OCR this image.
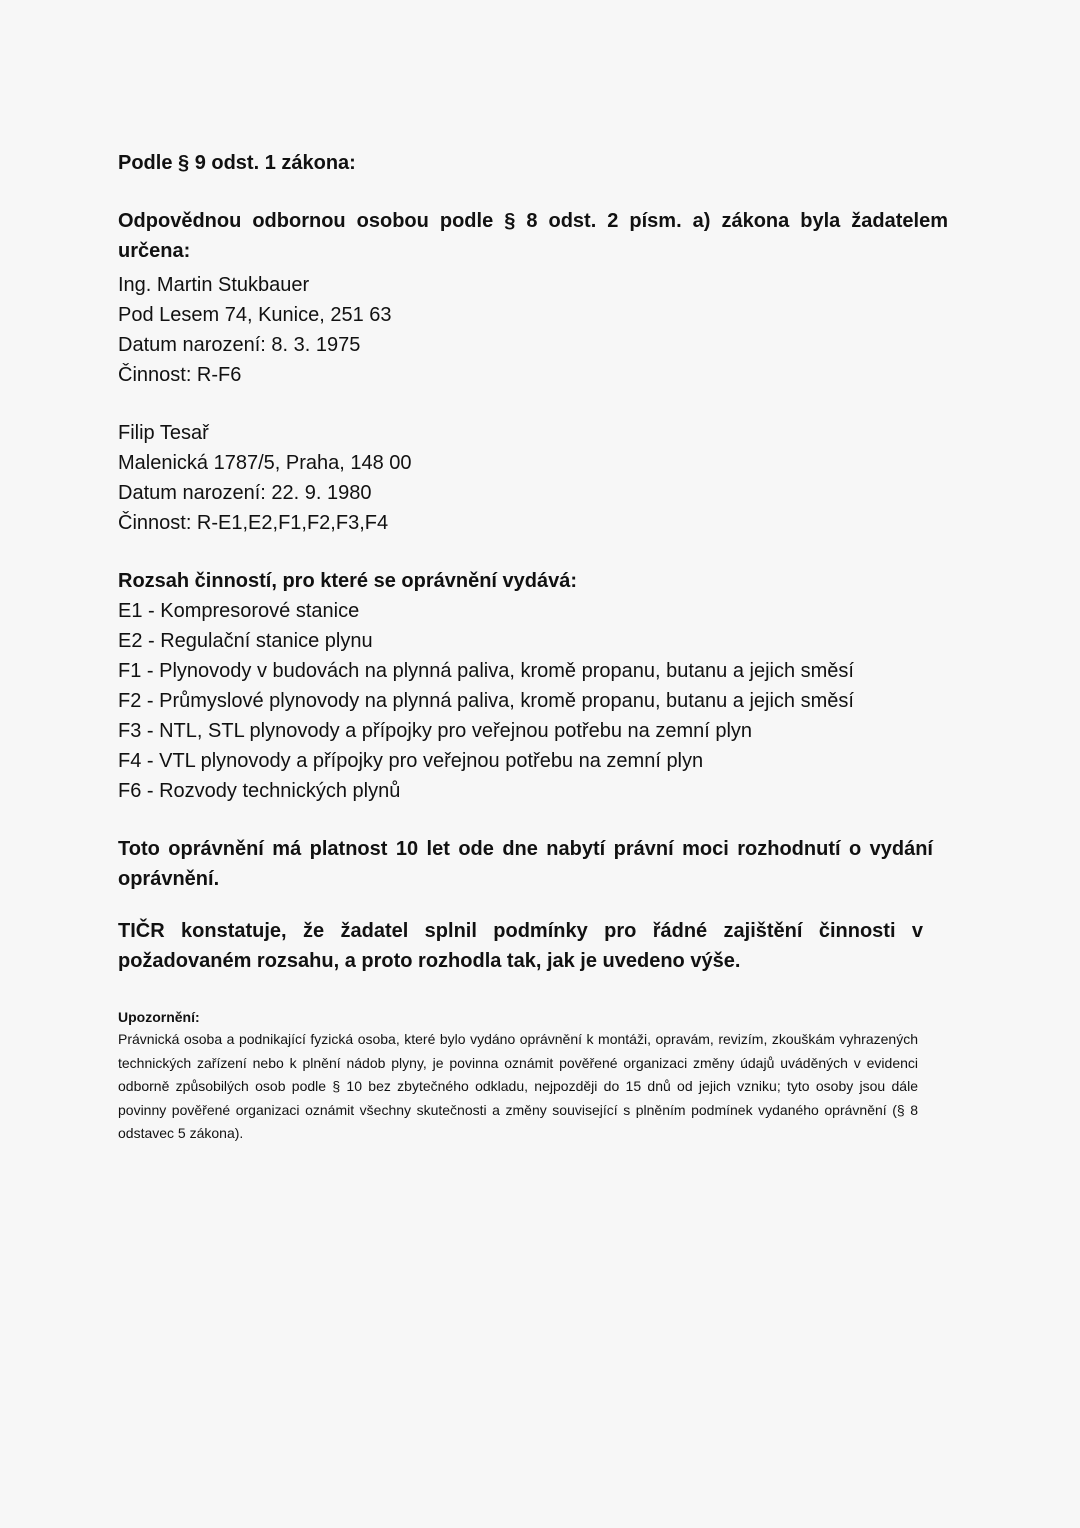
Podle § 9 odst. 1 zákona:

Odpovědnou odbornou osobou podle § 8 odst. 2 písm. a) zákona byla žadatelem určena:

Ing. Martin Stukbauer

Pod Lesem 74, Kunice, 251 63

Datum narození: 8. 3. 1975

Činnost: R-F6

Filip Tesař

Malenická 1787/5, Praha, 148 00

Datum narození: 22. 9. 1980

Činnost: R-E1,E2,F1,F2,F3,F4

Rozsah činností, pro které se oprávnění vydává:

E1 - Kompresorové stanice

E2 - Regulační stanice plynu

F1 - Plynovody v budovách na plynná paliva, kromě propanu, butanu a jejich směsí

F2 - Průmyslové plynovody na plynná paliva, kromě propanu, butanu a jejich směsí

F3 - NTL, STL plynovody a přípojky pro veřejnou potřebu na zemní plyn

F4 - VTL plynovody a přípojky pro veřejnou potřebu na zemní plyn

F6 - Rozvody technických plynů

Toto oprávnění má platnost 10 let ode dne nabytí právní moci rozhodnutí o vydání oprávnění.

TIČR konstatuje, že žadatel splnil podmínky pro řádné zajištění činnosti v požadovaném rozsahu, a proto rozhodla tak, jak je uvedeno výše.

Upozornění:

Právnická osoba a podnikající fyzická osoba, které bylo vydáno oprávnění k montáži, opravám, revizím, zkouškám vyhrazených technických zařízení nebo k plnění nádob plyny, je povinna oznámit pověřené organizaci změny údajů uváděných v evidenci odborně způsobilých osob podle § 10 bez zbytečného odkladu, nejpozději do 15 dnů od jejich vzniku; tyto osoby jsou dále povinny pověřené organizaci oznámit všechny skutečnosti a změny související s plněním podmínek vydaného oprávnění (§ 8 odstavec 5 zákona).
